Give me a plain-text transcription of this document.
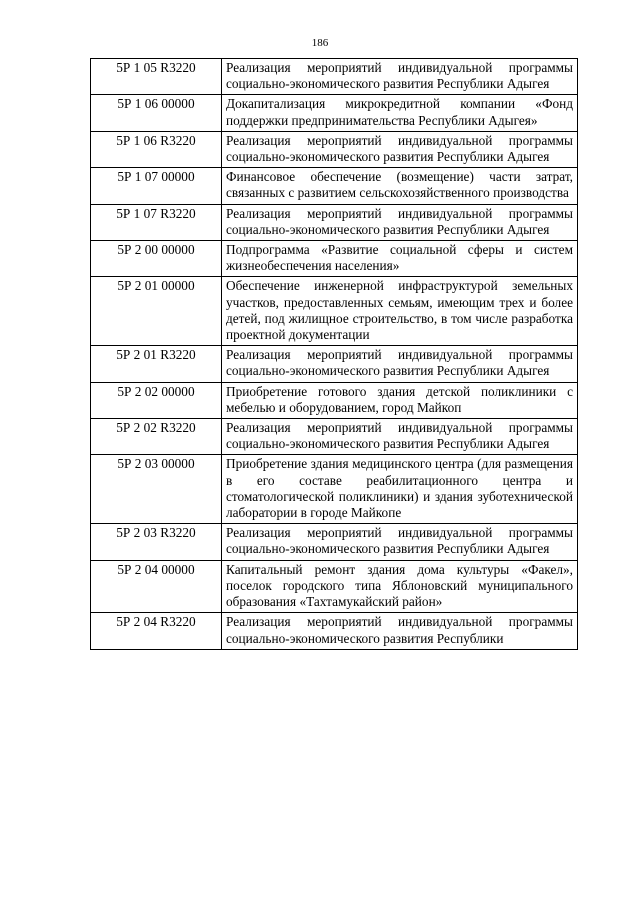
186
5Р 1 05 R3220	Реализация мероприятий индивидуальной программы социально-экономического развития Республики Адыгея
5Р 1 06 00000	Докапитализация микрокредитной компании «Фонд поддержки предпринимательства Республики Адыгея»
5Р 1 06 R3220	Реализация мероприятий индивидуальной программы социально-экономического развития Республики Адыгея
5Р 1 07 00000	Финансовое обеспечение (возмещение) части затрат, связанных с развитием сельскохозяйственного производства
5Р 1 07 R3220	Реализация мероприятий индивидуальной программы социально-экономического развития Республики Адыгея
5Р 2 00 00000	Подпрограмма «Развитие социальной сферы и систем жизнеобеспечения населения»
5Р 2 01 00000	Обеспечение инженерной инфраструктурой земельных участков, предоставленных семьям, имеющим трех и более детей, под жилищное строительство, в том числе разработка проектной документации
5Р 2 01 R3220	Реализация мероприятий индивидуальной программы социально-экономического развития Республики Адыгея
5Р 2 02 00000	Приобретение готового здания детской поликлиники с мебелью и оборудованием, город Майкоп
5Р 2 02 R3220	Реализация мероприятий индивидуальной программы социально-экономического развития Республики Адыгея
5Р 2 03 00000	Приобретение здания медицинского центра (для размещения в его составе реабилитационного центра и стоматологической поликлиники) и здания зуботехнической лаборатории в городе Майкопе
5Р 2 03 R3220	Реализация мероприятий индивидуальной программы социально-экономического развития Республики Адыгея
5Р 2 04 00000	Капитальный ремонт здания дома культуры «Факел», поселок городского типа Яблоновский муниципального образования «Тахтамукайский район»
5Р 2 04 R3220	Реализация мероприятий индивидуальной программы социально-экономического развития Республики
